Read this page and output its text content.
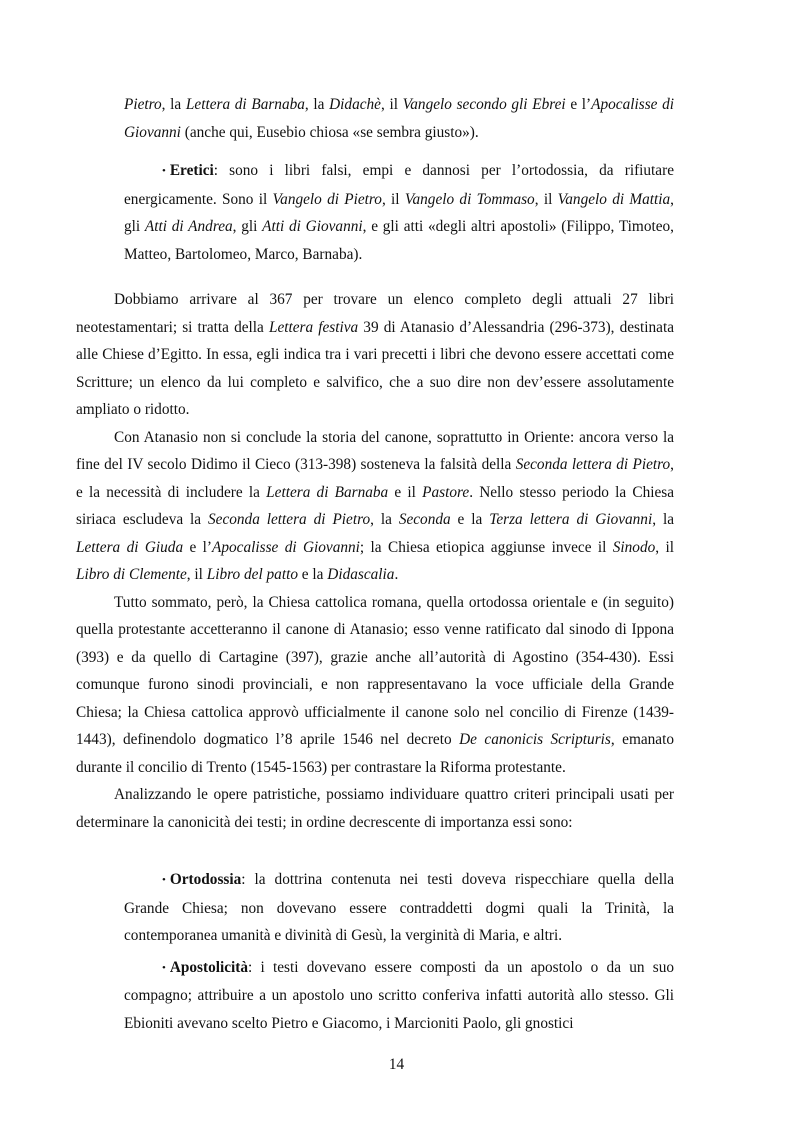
Pietro, la Lettera di Barnaba, la Didachè, il Vangelo secondo gli Ebrei e l’Apocalisse di Giovanni (anche qui, Eusebio chiosa «se sembra giusto»).

• Eretici: sono i libri falsi, empi e dannosi per l’ortodossia, da rifiutare energicamente. Sono il Vangelo di Pietro, il Vangelo di Tommaso, il Vangelo di Mattia, gli Atti di Andrea, gli Atti di Giovanni, e gli atti «degli altri apostoli» (Filippo, Timoteo, Matteo, Bartolomeo, Marco, Barnaba).

Dobbiamo arrivare al 367 per trovare un elenco completo degli attuali 27 libri neotestamentari; si tratta della Lettera festiva 39 di Atanasio d’Alessandria (296-373), destinata alle Chiese d’Egitto. In essa, egli indica tra i vari precetti i libri che devono essere accettati come Scritture; un elenco da lui completo e salvifico, che a suo dire non dev’essere assolutamente ampliato o ridotto.

Con Atanasio non si conclude la storia del canone, soprattutto in Oriente: ancora verso la fine del IV secolo Didimo il Cieco (313-398) sosteneva la falsità della Seconda lettera di Pietro, e la necessità di includere la Lettera di Barnaba e il Pastore. Nello stesso periodo la Chiesa siriaca escludeva la Seconda lettera di Pietro, la Seconda e la Terza lettera di Giovanni, la Lettera di Giuda e l’Apocalisse di Giovanni; la Chiesa etiopica aggiunse invece il Sinodo, il Libro di Clemente, il Libro del patto e la Didascalia.

Tutto sommato, però, la Chiesa cattolica romana, quella ortodossa orientale e (in seguito) quella protestante accetteranno il canone di Atanasio; esso venne ratificato dal sinodo di Ippona (393) e da quello di Cartagine (397), grazie anche all’autorità di Agostino (354-430). Essi comunque furono sinodi provinciali, e non rappresentavano la voce ufficiale della Grande Chiesa; la Chiesa cattolica approvò ufficialmente il canone solo nel concilio di Firenze (1439-1443), definendolo dogmatico l’8 aprile 1546 nel decreto De canonicis Scripturis, emanato durante il concilio di Trento (1545-1563) per contrastare la Riforma protestante.

Analizzando le opere patristiche, possiamo individuare quattro criteri principali usati per determinare la canonicità dei testi; in ordine decrescente di importanza essi sono:

• Ortodossia: la dottrina contenuta nei testi doveva rispecchiare quella della Grande Chiesa; non dovevano essere contraddetti dogmi quali la Trinità, la contemporanea umanità e divinità di Gesù, la verginità di Maria, e altri.

• Apostolicità: i testi dovevano essere composti da un apostolo o da un suo compagno; attribuire a un apostolo uno scritto conferiva infatti autorità allo stesso. Gli Ebioniti avevano scelto Pietro e Giacomo, i Marcioniti Paolo, gli gnostici

14
